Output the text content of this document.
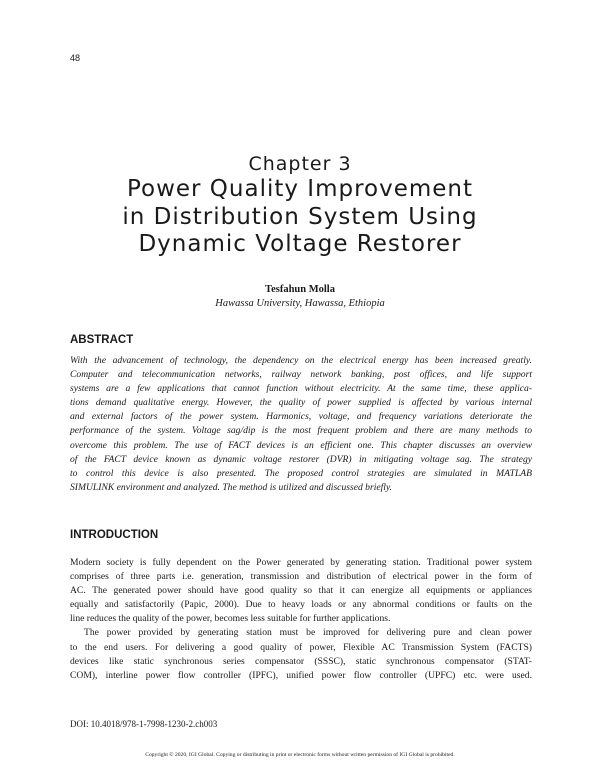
48
Chapter 3
Power Quality Improvement
in Distribution System Using
Dynamic Voltage Restorer
Tesfahun Molla
Hawassa University, Hawassa, Ethiopia
ABSTRACT
With the advancement of technology, the dependency on the electrical energy has been increased greatly.
Computer and telecommunication networks, railway network banking, post offices, and life support
systems are a few applications that cannot function without electricity. At the same time, these applica-
tions demand qualitative energy. However, the quality of power supplied is affected by various internal
and external factors of the power system. Harmonics, voltage, and frequency variations deteriorate the
performance of the system. Voltage sag/dip is the most frequent problem and there are many methods to
overcome this problem. The use of FACT devices is an efficient one. This chapter discusses an overview
of the FACT device known as dynamic voltage restorer (DVR) in mitigating voltage sag. The strategy
to control this device is also presented. The proposed control strategies are simulated in MATLAB
SIMULINK environment and analyzed. The method is utilized and discussed briefly.
INTRODUCTION
Modern society is fully dependent on the Power generated by generating station. Traditional power system
comprises of three parts i.e. generation, transmission and distribution of electrical power in the form of
AC. The generated power should have good quality so that it can energize all equipments or appliances
equally and satisfactorily (Papic, 2000). Due to heavy loads or any abnormal conditions or faults on the
line reduces the quality of the power, becomes less suitable for further applications.
The power provided by generating station must be improved for delivering pure and clean power
to the end users. For delivering a good quality of power, Flexible AC Transmission System (FACTS)
devices like static synchronous series compensator (SSSC), static synchronous compensator (STAT-
COM), interline power flow controller (IPFC), unified power flow controller (UPFC) etc. were used.
DOI: 10.4018/978-1-7998-1230-2.ch003
Copyright © 2020, IGI Global. Copying or distributing in print or electronic forms without written permission of IGI Global is prohibited.
